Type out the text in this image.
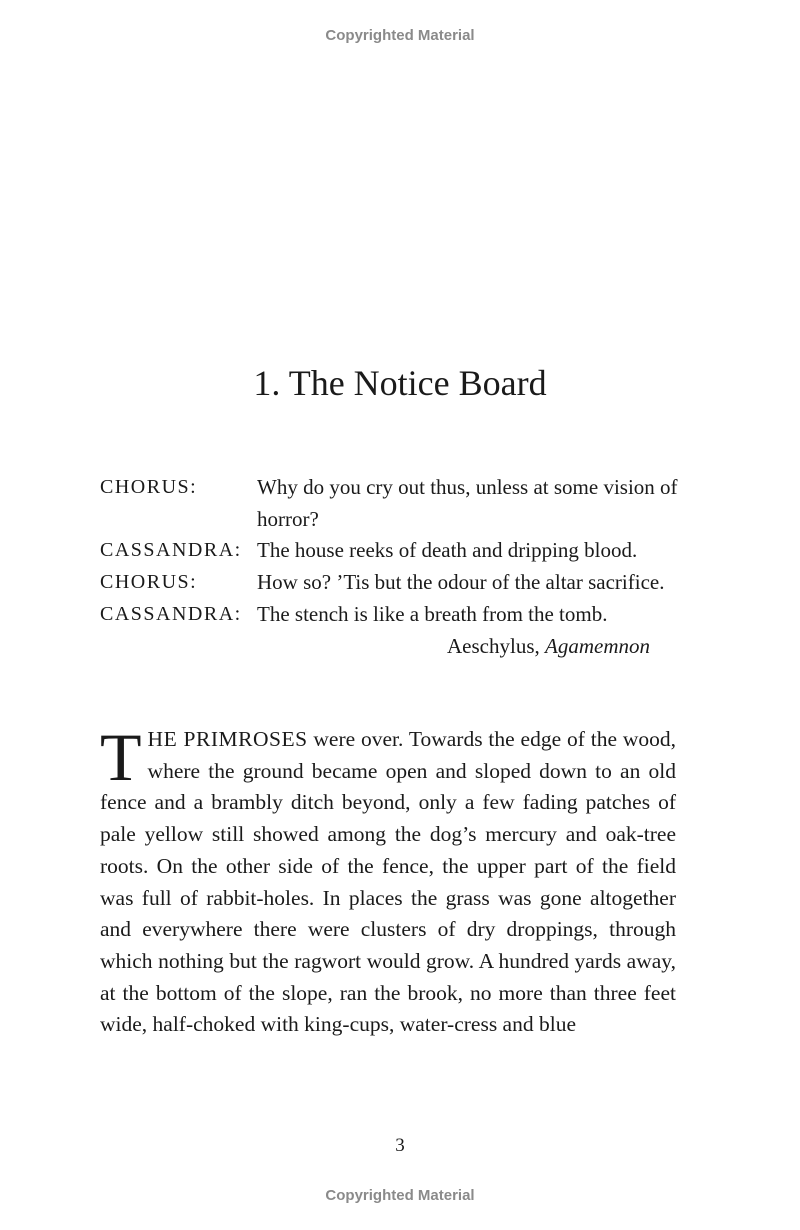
Copyrighted Material
1. The Notice Board
CHORUS:	Why do you cry out thus, unless at some vision of horror?
CASSANDRA: The house reeks of death and dripping blood.
CHORUS:	How so? ’Tis but the odour of the altar sacrifice.
CASSANDRA: The stench is like a breath from the tomb.
Aeschylus, Agamemnon

THE PRIMROSES were over. Towards the edge of the wood, where the ground became open and sloped down to an old fence and a brambly ditch beyond, only a few fading patches of pale yellow still showed among the dog’s mercury and oak-tree roots. On the other side of the fence, the upper part of the field was full of rabbit-holes. In places the grass was gone altogether and everywhere there were clusters of dry droppings, through which nothing but the ragwort would grow. A hundred yards away, at the bottom of the slope, ran the brook, no more than three feet wide, half-choked with king-cups, water-cress and blue

3
Copyrighted Material
